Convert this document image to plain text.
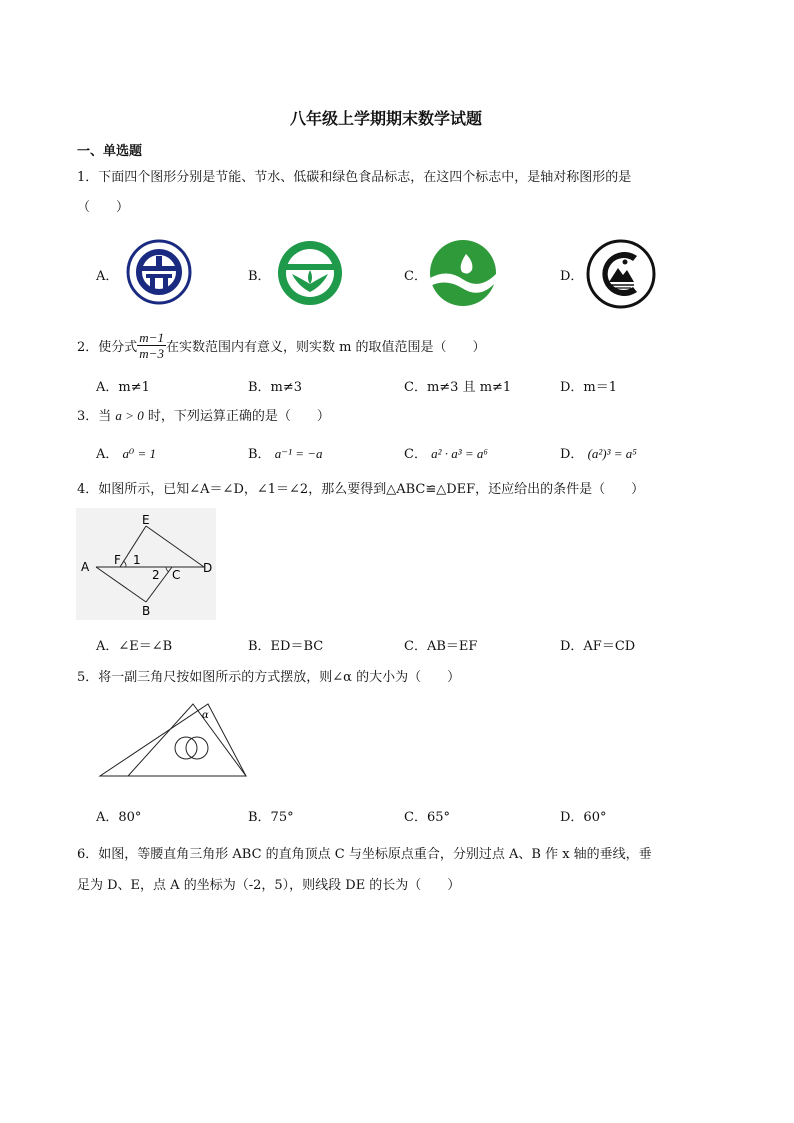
八年级上学期期末数学试题
一、单选题
1．下面四个图形分别是节能、节水、低碳和绿色食品标志，在这四个标志中，是轴对称图形的是
（　　）
A．	B．	C．	D．
2．使分式 $\frac{m-1}{m-3}$ 在实数范围内有意义，则实数 m 的取值范围是（　　）
A．m≠1	B．m≠3	C．m≠3 且 m≠1	D．m＝1
3．当 a > 0 时，下列运算正确的是（　　）
A． a⁰ = 1	B． a⁻¹ = −a	C． a² · a³ = a⁶	D． (a²)³ = a⁵
4．如图所示，已知∠A＝∠D，∠1＝∠2，那么要得到△ABC≌△DEF，还应给出的条件是（　　）
E
A	D
B
F
C
1
2
A．∠E＝∠B	B．ED＝BC	C．AB＝EF	D．AF＝CD
5．将一副三角尺按如图所示的方式摆放，则∠α 的大小为（　　）
α
A．80°	B．75°	C．65°	D．60°
6．如图，等腰直角三角形 ABC 的直角顶点 C 与坐标原点重合，分别过点 A、B 作 x 轴的垂线，垂
足为 D、E，点 A 的坐标为（-2，5），则线段 DE 的长为（　　）
